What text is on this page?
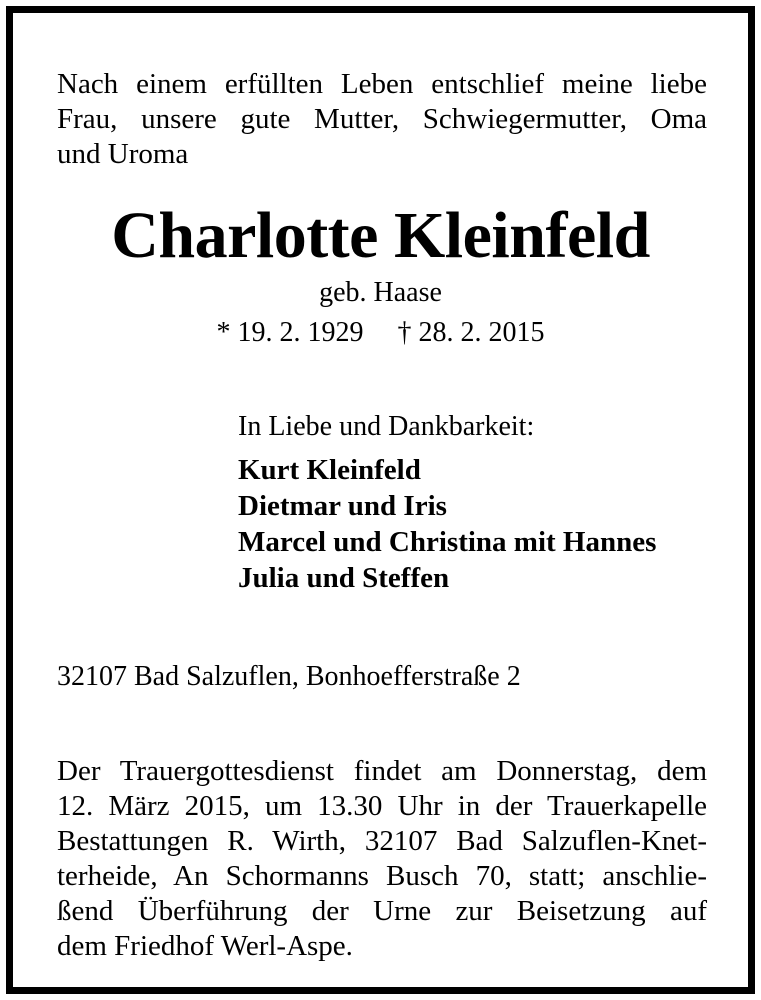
Nach einem erfüllten Leben entschlief meine liebe
Frau, unsere gute Mutter, Schwiegermutter, Oma
und Uroma

Charlotte Kleinfeld
geb. Haase
* 19. 2. 1929 † 28. 2. 2015
In Liebe und Dankbarkeit:
Kurt Kleinfeld
Dietmar und Iris
Marcel und Christina mit Hannes
Julia und Steffen
32107 Bad Salzuflen, Bonhoefferstraße 2

Der Trauergottesdienst findet am Donnerstag, dem
12. März 2015, um 13.30 Uhr in der Trauerkapelle
Bestattungen R. Wirth, 32107 Bad Salzuflen-Knet-
terheide, An Schormanns Busch 70, statt; anschlie-
ßend Überführung der Urne zur Beisetzung auf
dem Friedhof Werl-Aspe.
